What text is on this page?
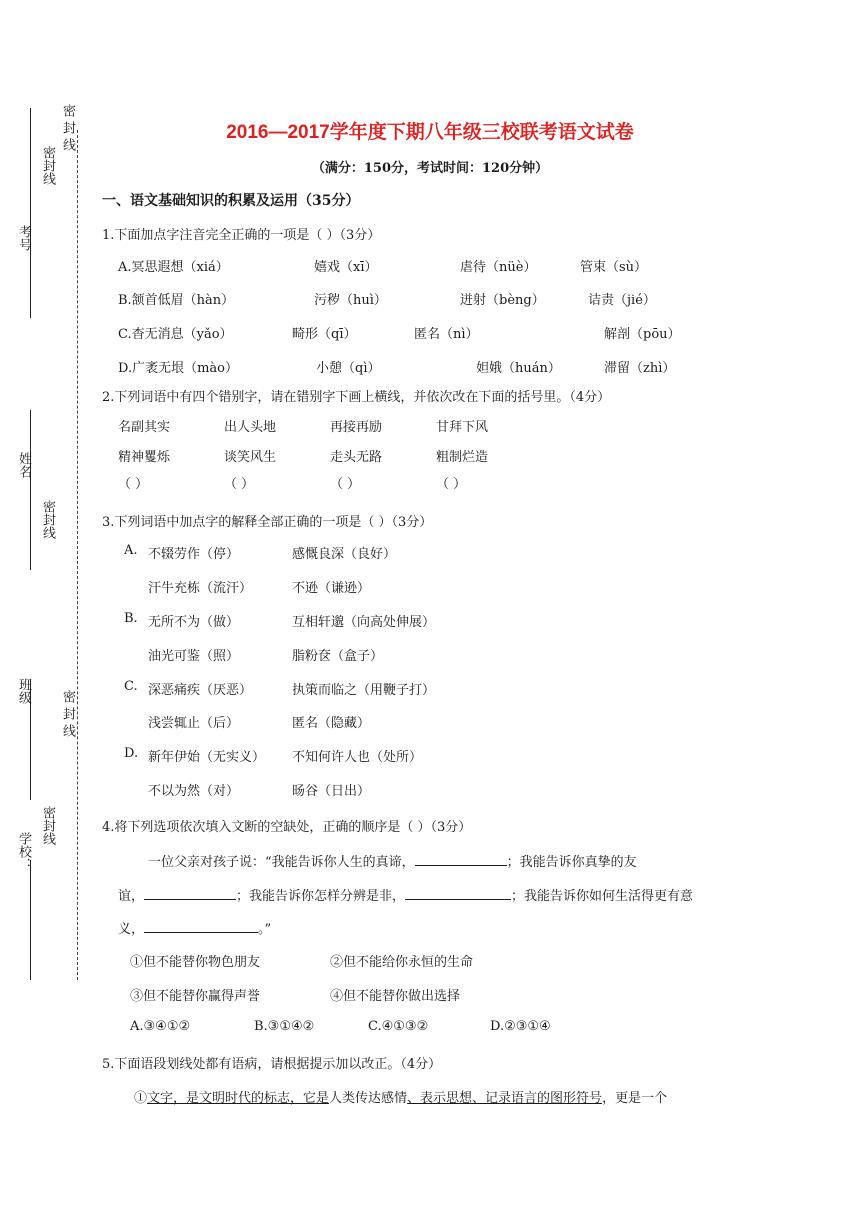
密 封 线
密封线
考号
姓名
密封线
班级 密 封 线
密封线
学校：
2016—2017学年度下期八年级三校联考语文试卷
（满分：150分，考试时间：120分钟）
一、语文基础知识的积累及运用（35分）
1.下面加点字注音完全正确的一项是（ ）（3分）
A.冥思遐想（xiá）	嬉戏（xī）	虐待（nüè）	管束（sù）
B.颔首低眉（hàn）	污秽（huì）	迸射（bèng）	诘责（jié）
C.杳无消息（yǎo）	畸形（qī）	匿名（nì）	解剖（pōu）
D.广袤无垠（mào）	小憩（qì）	妲娥（huán）	滞留（zhì）
2.下列词语中有四个错别字，请在错别字下画上横线，并依次改在下面的括号里。（4分）
名副其实	出人头地	再接再励	甘拜下风
精神矍烁	谈笑风生	走头无路	粗制烂造
（ ）	（ ）	（ ）	（ ）
3.下列词语中加点字的解释全部正确的一项是（ ）（3分）
A. 不辍劳作（停）	感慨良深（良好）
汗牛充栋（流汗）	不逊（谦逊）
B. 无所不为（做）	互相轩邈（向高处伸展）
油光可鉴（照）	脂粉奁（盒子）
C. 深恶痛疾（厌恶）	执策而临之（用鞭子打）
浅尝辄止（后）	匿名（隐藏）
D. 新年伊始（无实义） 不知何许人也（处所）
不以为然（对）	旸谷（日出）
4.将下列选项依次填入文断的空缺处，正确的顺序是（ ）（3分）
一位父亲对孩子说：“我能告诉你人生的真谛，	；我能告诉你真挚的友
谊，	；我能告诉你怎样分辨是非，	；我能告诉你如何生活得更有意
义，	。”
①但不能替你物色朋友	②但不能给你永恒的生命
③但不能替你赢得声誉	④但不能替你做出选择
A.③④①②	B.③①④②	C.④①③②	D.②③①④
5.下面语段划线处都有语病，请根据提示加以改正。（4分）
①文字，是文明时代的标志，它是人类传达感情、表示思想、记录语言的图形符号，更是一个
